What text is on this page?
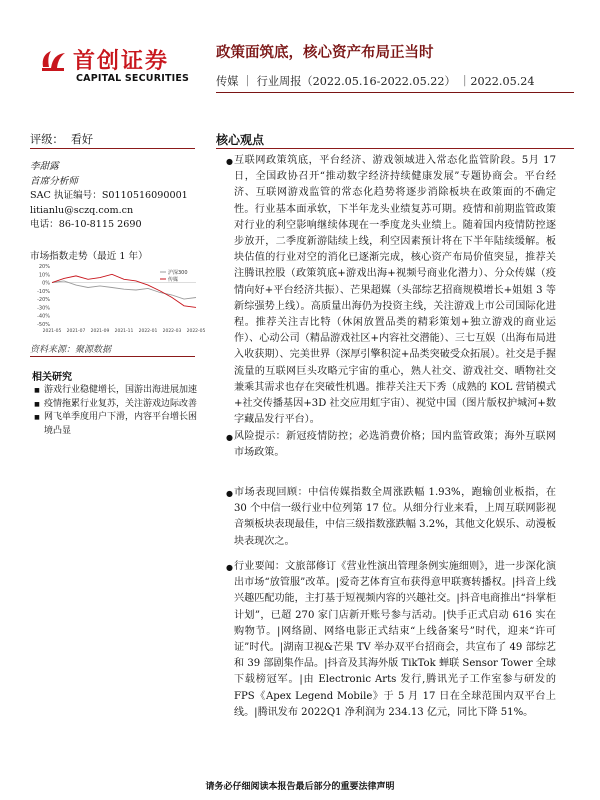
首创证券
CAPITAL SECURITIES
政策面筑底，核心资产布局正当时
传媒 ｜ 行业周报（2022.05.16-2022.05.22） ｜2022.05.24
评级： 看好
李甜露
首席分析师
SAC 执证编号：S0110516090001
litianlu@sczq.com.cn
电话：86-10-8115 2690
市场指数走势（最近 1 年）
20%
10%
0%
-10%
-20%
-30%
-40%
-50%
2021-05 2021-07 2021-09 2021-11 2022-01 2022-03 2022-05
沪深300
传媒
资料来源：聚源数据
相关研究
■ 游戏行业稳健增长，国游出海进展加速
■ 疫情拖累行业复苏，关注游戏边际改善
■ 网飞单季度用户下滑，内容平台增长困境凸显
核心观点
● 互联网政策筑底，平台经济、游戏领域进入常态化监管阶段。5月 17 日，全国政协召开“推动数字经济持续健康发展”专题协商会。平台经济、互联网游戏监管的常态化趋势将逐步消除板块在政策面的不确定性。行业基本面承软，下半年龙头业绩复苏可期。疫情和前期监管政策对行业的利空影响继续体现在一季度龙头业绩上。随着国内疫情防控逐步放开，二季度新游陆续上线，利空因素预计将在下半年陆续缓解。板块估值的行业对空的消化已逐渐完成，核心资产布局价值突显，推荐关注腾讯控股（政策筑底+游戏出海+视频号商业化潜力）、分众传媒（疫情向好+平台经济共振）、芒果超媒（头部综艺招商规模增长+姐姐 3 等新综强势上线）。高质量出海仍为投资主线，关注游戏上市公司国际化进程。推荐关注吉比特（休闲放置品类的精彩策划+独立游戏的商业运作）、心动公司（精品游戏社区+内容社交潜能）、三七互娱（出海布局进入收获期）、完美世界（深厚引擎积淀+品类突破受众拓展）。社交是手握流量的互联网巨头攻略元宇宙的重心，熟人社交、游戏社交、晒物社交兼乘其需求也存在突破性机遇。推荐关注天下秀（成熟的 KOL 营销模式+社交传播基因+3D 社交应用虹宇宙）、视觉中国（图片版权护城河+数字藏品发行平台）。
● 风险提示：新冠疫情防控；必选消费价格；国内监管政策；海外互联网市场政策。
● 市场表现回顾：中信传媒指数全周涨跌幅 1.93%，跑输创业板指，在 30 个中信一级行业中位列第 17 位。从细分行业来看，上周互联网影视音频板块表现最佳，中信三级指数涨跌幅 3.2%，其他文化娱乐、动漫板块表现次之。
● 行业要闻：文旅部修订《营业性演出管理条例实施细则》，进一步深化演出市场“放管服”改革。|爱奇艺体育宣布获得意甲联赛转播权。|抖音上线兴趣匹配功能，主打基于短视频内容的兴趣社交。|抖音电商推出“抖掌柜计划”，已超 270 家门店新开账号参与活动。|快手正式启动 616 实在购物节。|网络剧、网络电影正式结束“上线备案号”时代，迎来“许可证”时代。|湖南卫视&芒果 TV 举办双平台招商会，共宣布了 49 部综艺和 39 部剧集作品。|抖音及其海外版 TikTok 蝉联 Sensor Tower 全球下载榜冠军。|由 Electronic Arts 发行,腾讯光子工作室参与研发的 FPS《Apex Legend Mobile》于 5 月 17 日在全球范围内双平台上线。|腾讯发布 2022Q1 净利润为 234.13 亿元，同比下降 51%。
请务必仔细阅读本报告最后部分的重要法律声明
